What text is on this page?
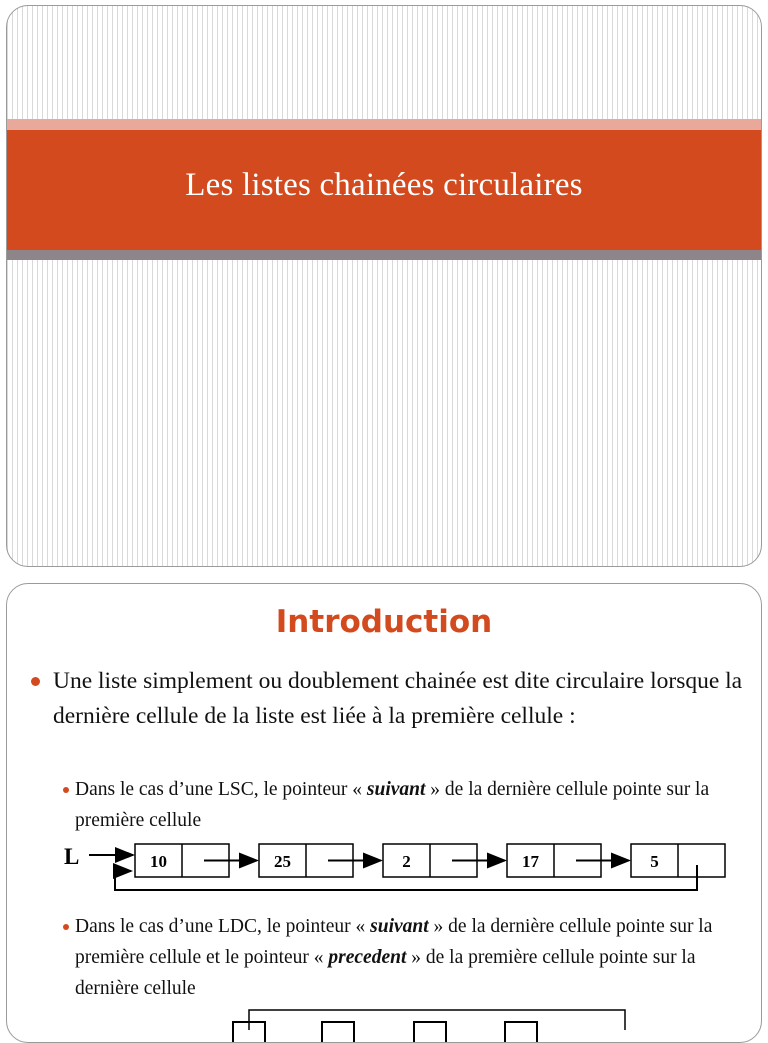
Les listes chainées circulaires
Introduction
Une liste simplement ou doublement chainée est dite circulaire lorsque la dernière cellule de la liste est liée à la première cellule :
Dans le cas d’une LSC, le pointeur « suivant » de la dernière cellule pointe sur la première cellule
L	10	25	2	17	5
Dans le cas d’une LDC, le pointeur « suivant » de la dernière cellule pointe sur la première cellule et le pointeur « precedent » de la première cellule pointe sur la dernière cellule
